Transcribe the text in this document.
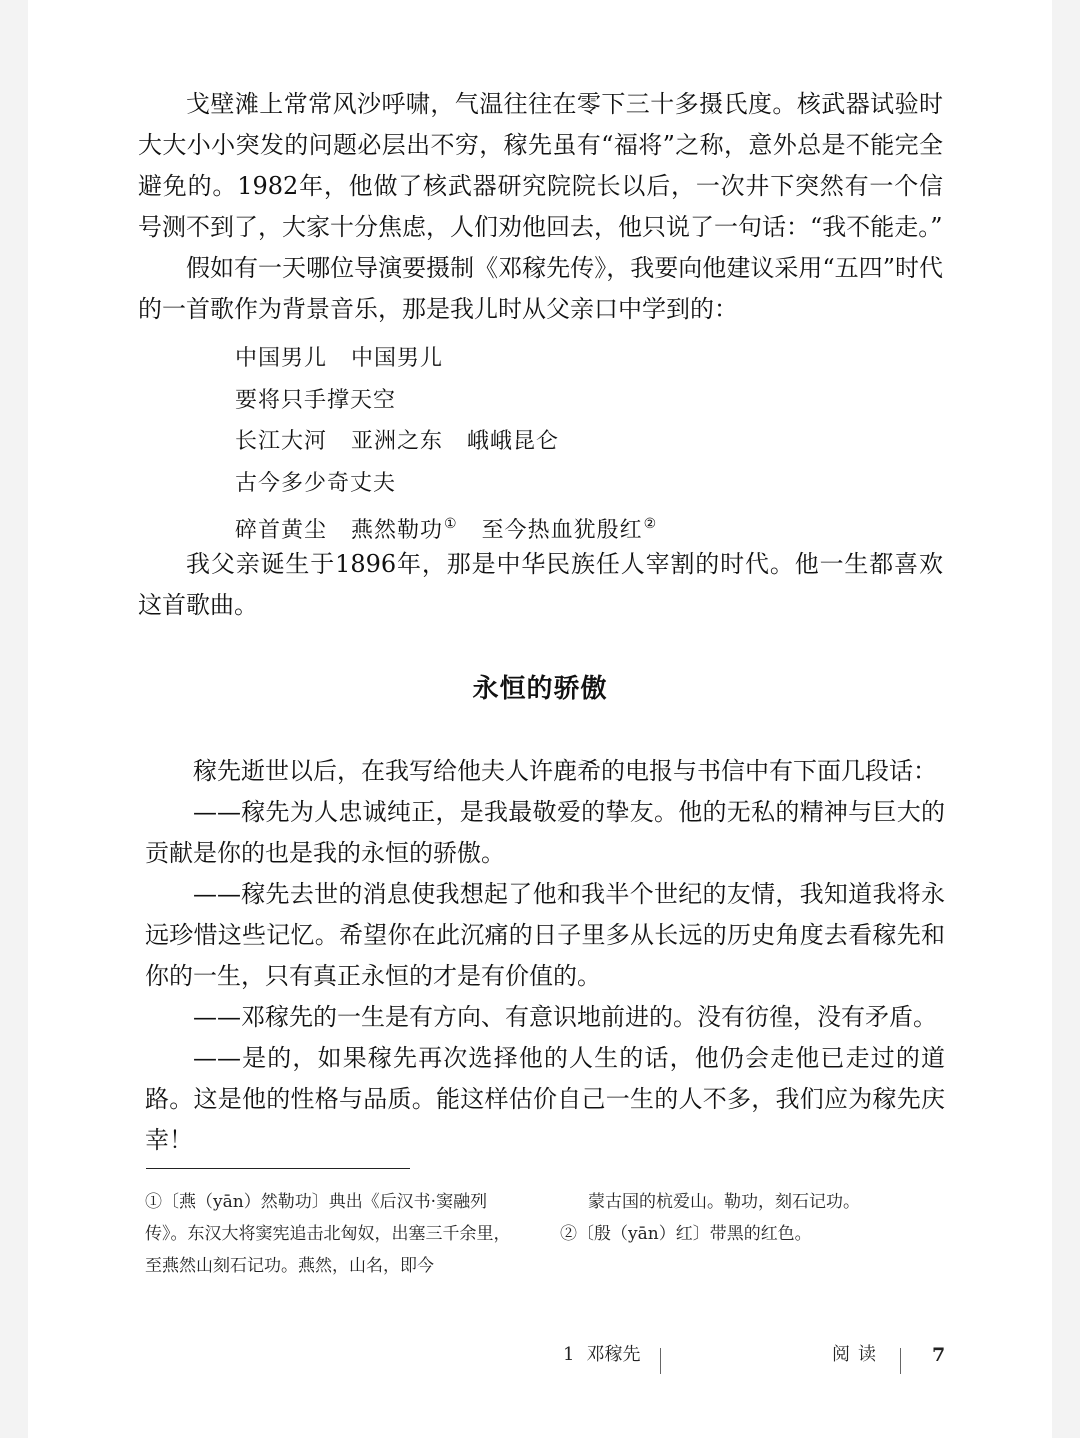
戈壁滩上常常风沙呼啸，气温往往在零下三十多摄氏度。核武器试验时大大小小突发的问题必层出不穷，稼先虽有“福将”之称，意外总是不能完全避免的。1982年，他做了核武器研究院院长以后，一次井下突然有一个信号测不到了，大家十分焦虑，人们劝他回去，他只说了一句话：“我不能走。”

假如有一天哪位导演要摄制《邓稼先传》，我要向他建议采用“五四”时代的一首歌作为背景音乐，那是我儿时从父亲口中学到的：

中国男儿 中国男儿

要将只手撑天空

长江大河 亚洲之东 峨峨昆仑

古今多少奇丈夫

碎首黄尘 燕然勒功① 至今热血犹殷红②

我父亲诞生于1896年，那是中华民族任人宰割的时代。他一生都喜欢这首歌曲。

永恒的骄傲

稼先逝世以后，在我写给他夫人许鹿希的电报与书信中有下面几段话：

——稼先为人忠诚纯正，是我最敬爱的挚友。他的无私的精神与巨大的贡献是你的也是我的永恒的骄傲。

——稼先去世的消息使我想起了他和我半个世纪的友情，我知道我将永远珍惜这些记忆。希望你在此沉痛的日子里多从长远的历史角度去看稼先和你的一生，只有真正永恒的才是有价值的。

——邓稼先的一生是有方向、有意识地前进的。没有彷徨，没有矛盾。

——是的，如果稼先再次选择他的人生的话，他仍会走他已走过的道路。这是他的性格与品质。能这样估价自己一生的人不多，我们应为稼先庆幸！

①〔燕（yān）然勒功〕典出《后汉书·窦融列传》。东汉大将窦宪追击北匈奴，出塞三千余里，至燕然山刻石记功。燕然，山名，即今

蒙古国的杭爱山。勒功，刻石记功。

②〔殷（yān）红〕带黑的红色。

1 邓稼先	阅读	7
